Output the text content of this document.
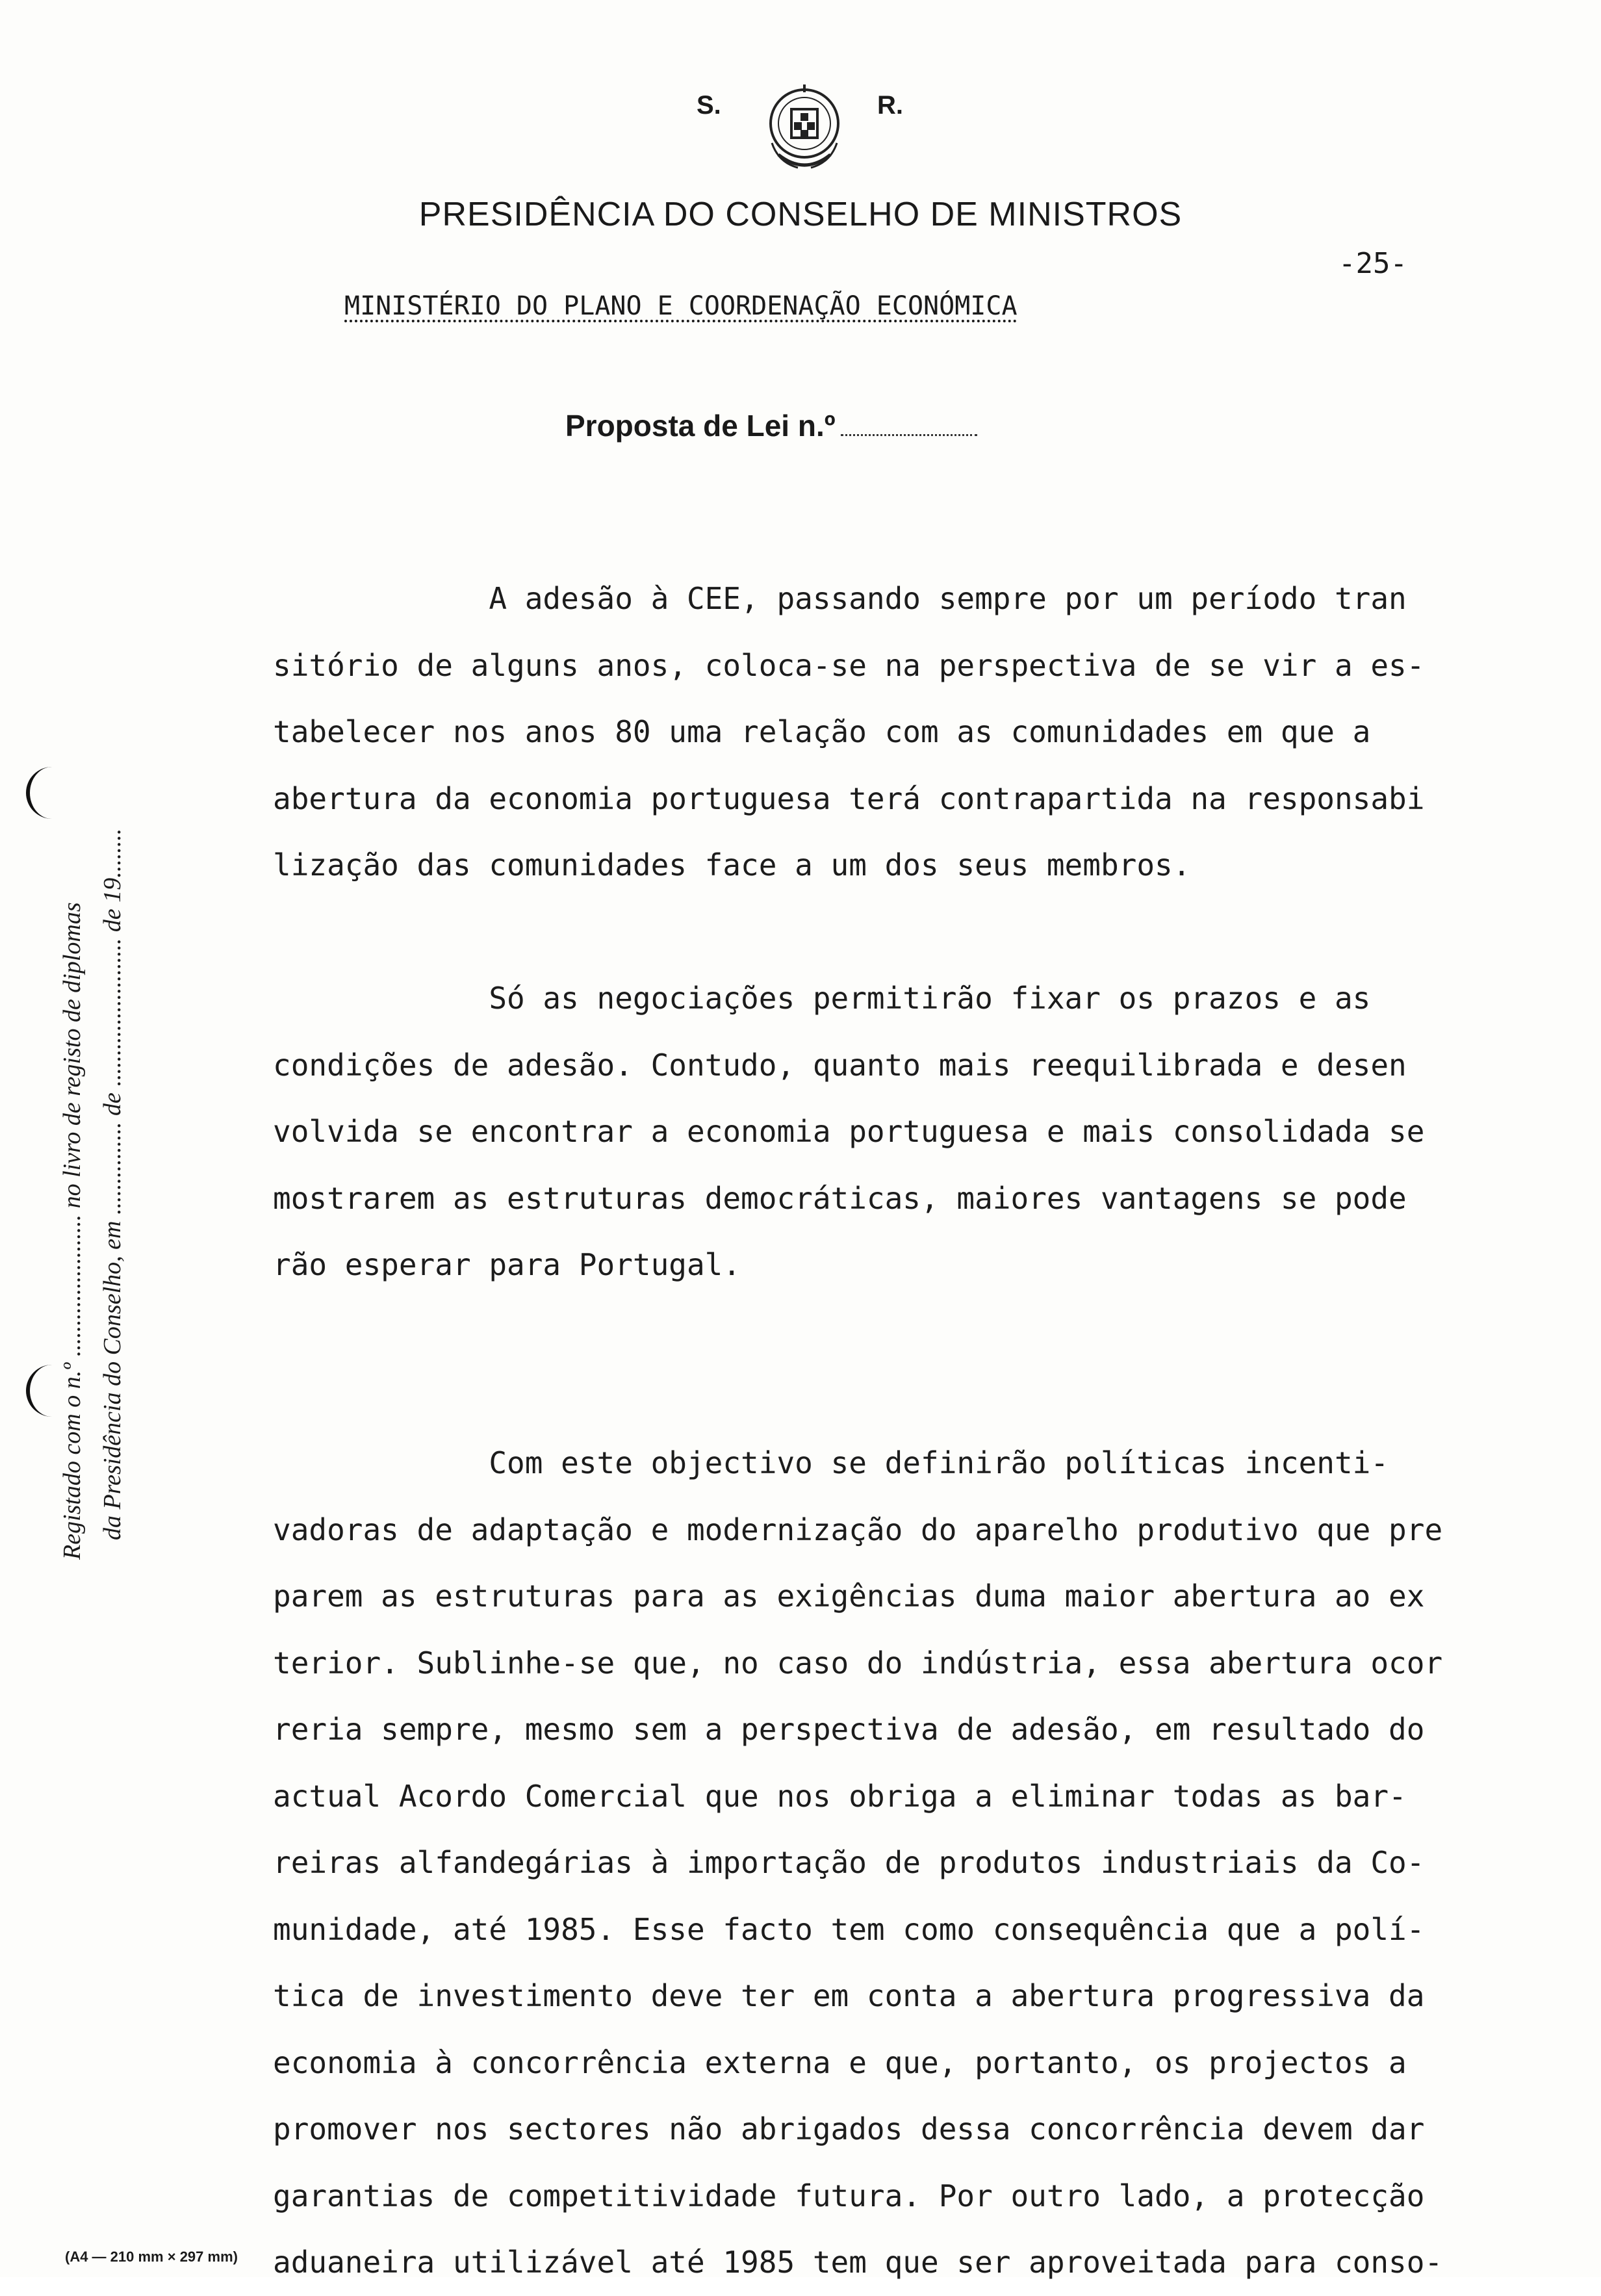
S.	R.
PRESIDÊNCIA DO CONSELHO DE MINISTROS
-25-
MINISTÉRIO DO PLANO E COORDENAÇÃO ECONÓMICA
Proposta de Lei n.º
Registado com o n.º ....................... no livro de registo de diplomas da Presidência do Conselho, em ............... de ........................ de 19........
A adesão à CEE, passando sempre por um período tran
sitório de alguns anos, coloca-se na perspectiva de se vir a es-
tabelecer nos anos 80 uma relação com as comunidades em que a
abertura da economia portuguesa terá contrapartida na responsabi
lização das comunidades face a um dos seus membros.
Só as negociações permitirão fixar os prazos e as
condições de adesão. Contudo, quanto mais reequilibrada e desen
volvida se encontrar a economia portuguesa e mais consolidada se
mostrarem as estruturas democráticas, maiores vantagens se pode
rão esperar para Portugal.
Com este objectivo se definirão políticas incenti-
vadoras de adaptação e modernização do aparelho produtivo que pre
parem as estruturas para as exigências duma maior abertura ao ex
terior. Sublinhe-se que, no caso do indústria, essa abertura ocor
reria sempre, mesmo sem a perspectiva de adesão, em resultado do
actual Acordo Comercial que nos obriga a eliminar todas as bar-
reiras alfandegárias à importação de produtos industriais da Co-
munidade, até 1985. Esse facto tem como consequência que a polí-
tica de investimento deve ter em conta a abertura progressiva da
economia à concorrência externa e que, portanto, os projectos a
promover nos sectores não abrigados dessa concorrência devem dar
garantias de competitividade futura. Por outro lado, a protecção
aduaneira utilizável até 1985 tem que ser aproveitada para conso-
(A4 — 210 mm × 297 mm)
